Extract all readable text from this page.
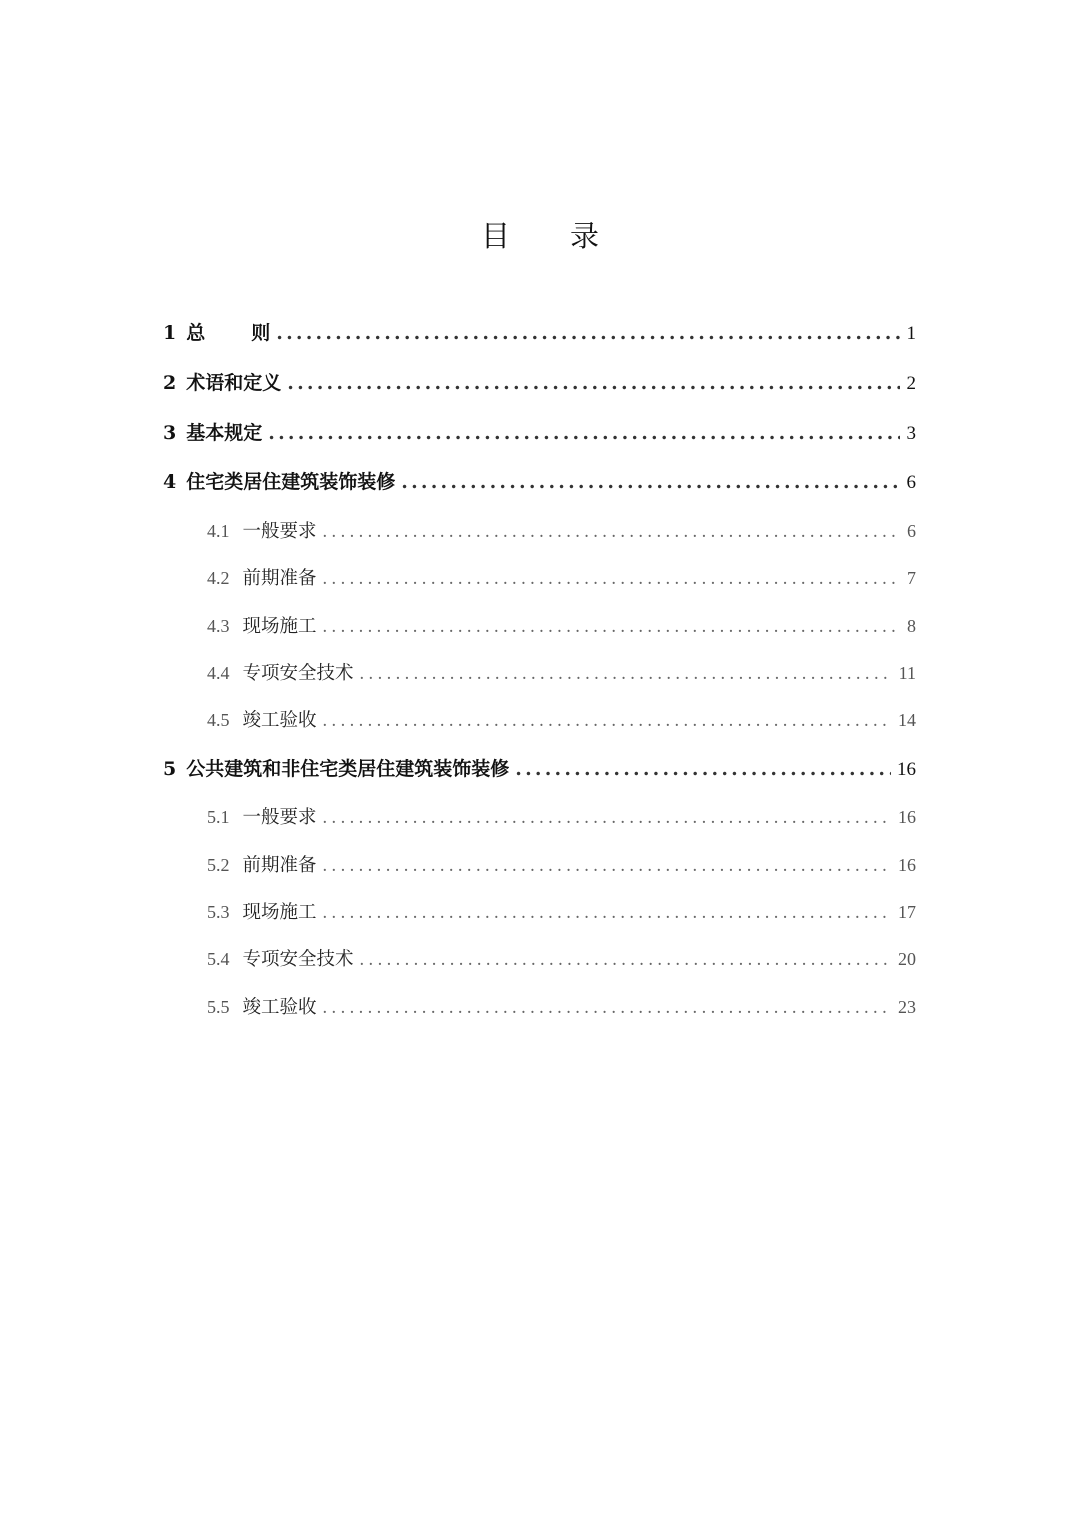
目 录
1 总 则 .....	1
2 术语和定义 .....	2
3 基本规定 .....	3
4 住宅类居住建筑装饰装修 .....	6
4.1 一般要求 .....	6
4.2 前期准备 .....	7
4.3 现场施工 .....	8
4.4 专项安全技术 .....	11
4.5 竣工验收 .....	14
5 公共建筑和非住宅类居住建筑装饰装修 .....	16
5.1 一般要求 .....	16
5.2 前期准备 .....	16
5.3 现场施工 .....	17
5.4 专项安全技术 .....	20
5.5 竣工验收 .....	23
